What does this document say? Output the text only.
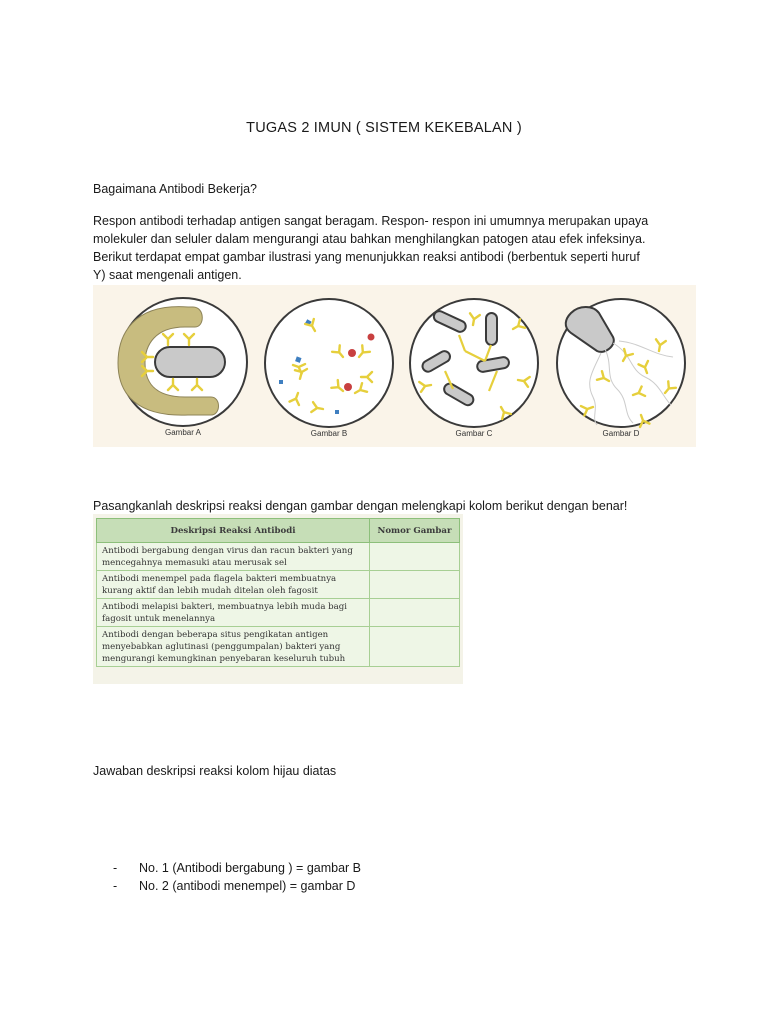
TUGAS 2 IMUN ( SISTEM KEKEBALAN )
Bagaimana Antibodi Bekerja?
Respon antibodi terhadap antigen sangat beragam. Respon- respon ini umumnya merupakan upaya
molekuler dan seluler dalam mengurangi atau bahkan menghilangkan patogen atau efek infeksinya.
Berikut terdapat empat gambar ilustrasi yang menunjukkan reaksi antibodi (berbentuk seperti huruf
Y) saat mengenali antigen.
Gambar A	Gambar B	Gambar C	Gambar D
Pasangkanlah deskripsi reaksi dengan gambar dengan melengkapi kolom berikut dengan benar!
Deskripsi Reaksi Antibodi	Nomor Gambar

Antibodi bergabung dengan virus dan racun bakteri yang
mencegahnya memasuki atau merusak sel	

Antibodi menempel pada flagela bakteri membuatnya
kurang aktif dan lebih mudah ditelan oleh fagosit	

Antibodi melapisi bakteri, membuatnya lebih muda bagi
fagosit untuk menelannya	

Antibodi dengan beberapa situs pengikatan antigen
menyebabkan aglutinasi (penggumpalan) bakteri yang
mengurangi kemungkinan penyebaran keseluruh tubuh	

Jawaban deskripsi reaksi kolom hijau diatas
- No. 1 (Antibodi bergabung ) = gambar B
- No. 2 (antibodi menempel) = gambar D
